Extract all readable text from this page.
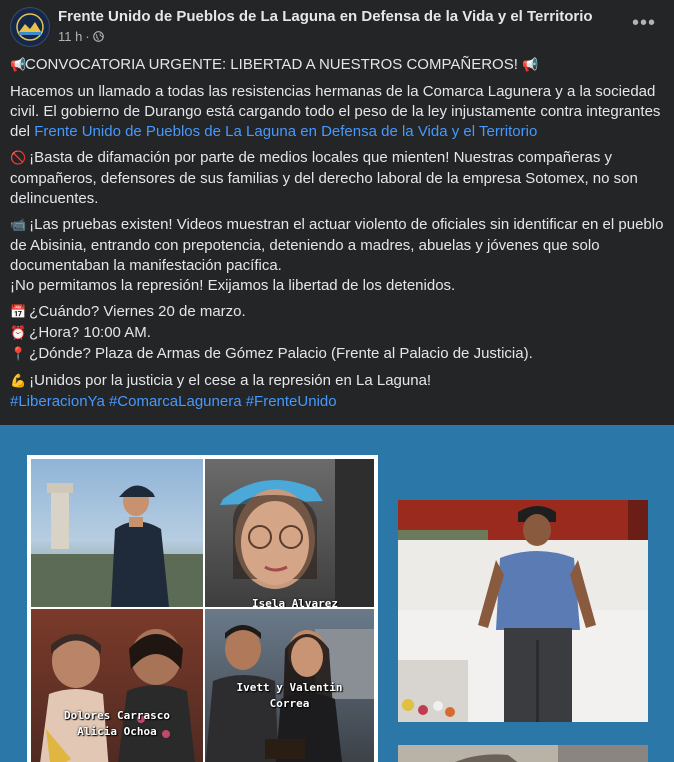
Frente Unido de Pueblos de La Laguna en Defensa de la Vida y el Territorio
11 h ·
•••

📢CONVOCATORIA URGENTE: LIBERTAD A NUESTROS COMPAÑEROS! 📢

Hacemos un llamado a todas las resistencias hermanas de la Comarca Lagunera y a la sociedad civil. El gobierno de Durango está cargando todo el peso de la ley injustamente contra integrantes del Frente Unido de Pueblos de La Laguna en Defensa de la Vida y el Territorio

🚫 ¡Basta de difamación por parte de medios locales que mienten! Nuestras compañeras y compañeros, defensores de sus familias y del derecho laboral de la empresa Sotomex, no son delincuentes.

📹 ¡Las pruebas existen! Videos muestran el actuar violento de oficiales sin identificar en el pueblo de Abisinia, entrando con prepotencia, deteniendo a madres, abuelas y jóvenes que solo documentaban la manifestación pacífica.

¡No permitamos la represión! Exijamos la libertad de los detenidos.

📅 ¿Cuándo? Viernes 20 de marzo.
⏰ ¿Hora? 10:00 AM.
📍 ¿Dónde? Plaza de Armas de Gómez Palacio (Frente al Palacio de Justicia).

💪 ¡Unidos por la justicia y el cese a la represión en La Laguna!

#LiberacionYa #ComarcaLagunera #FrenteUnido

Isela Alvarez
Dolores Carrasco
Alicia Ochoa
Ivett y Valentin
Correa
